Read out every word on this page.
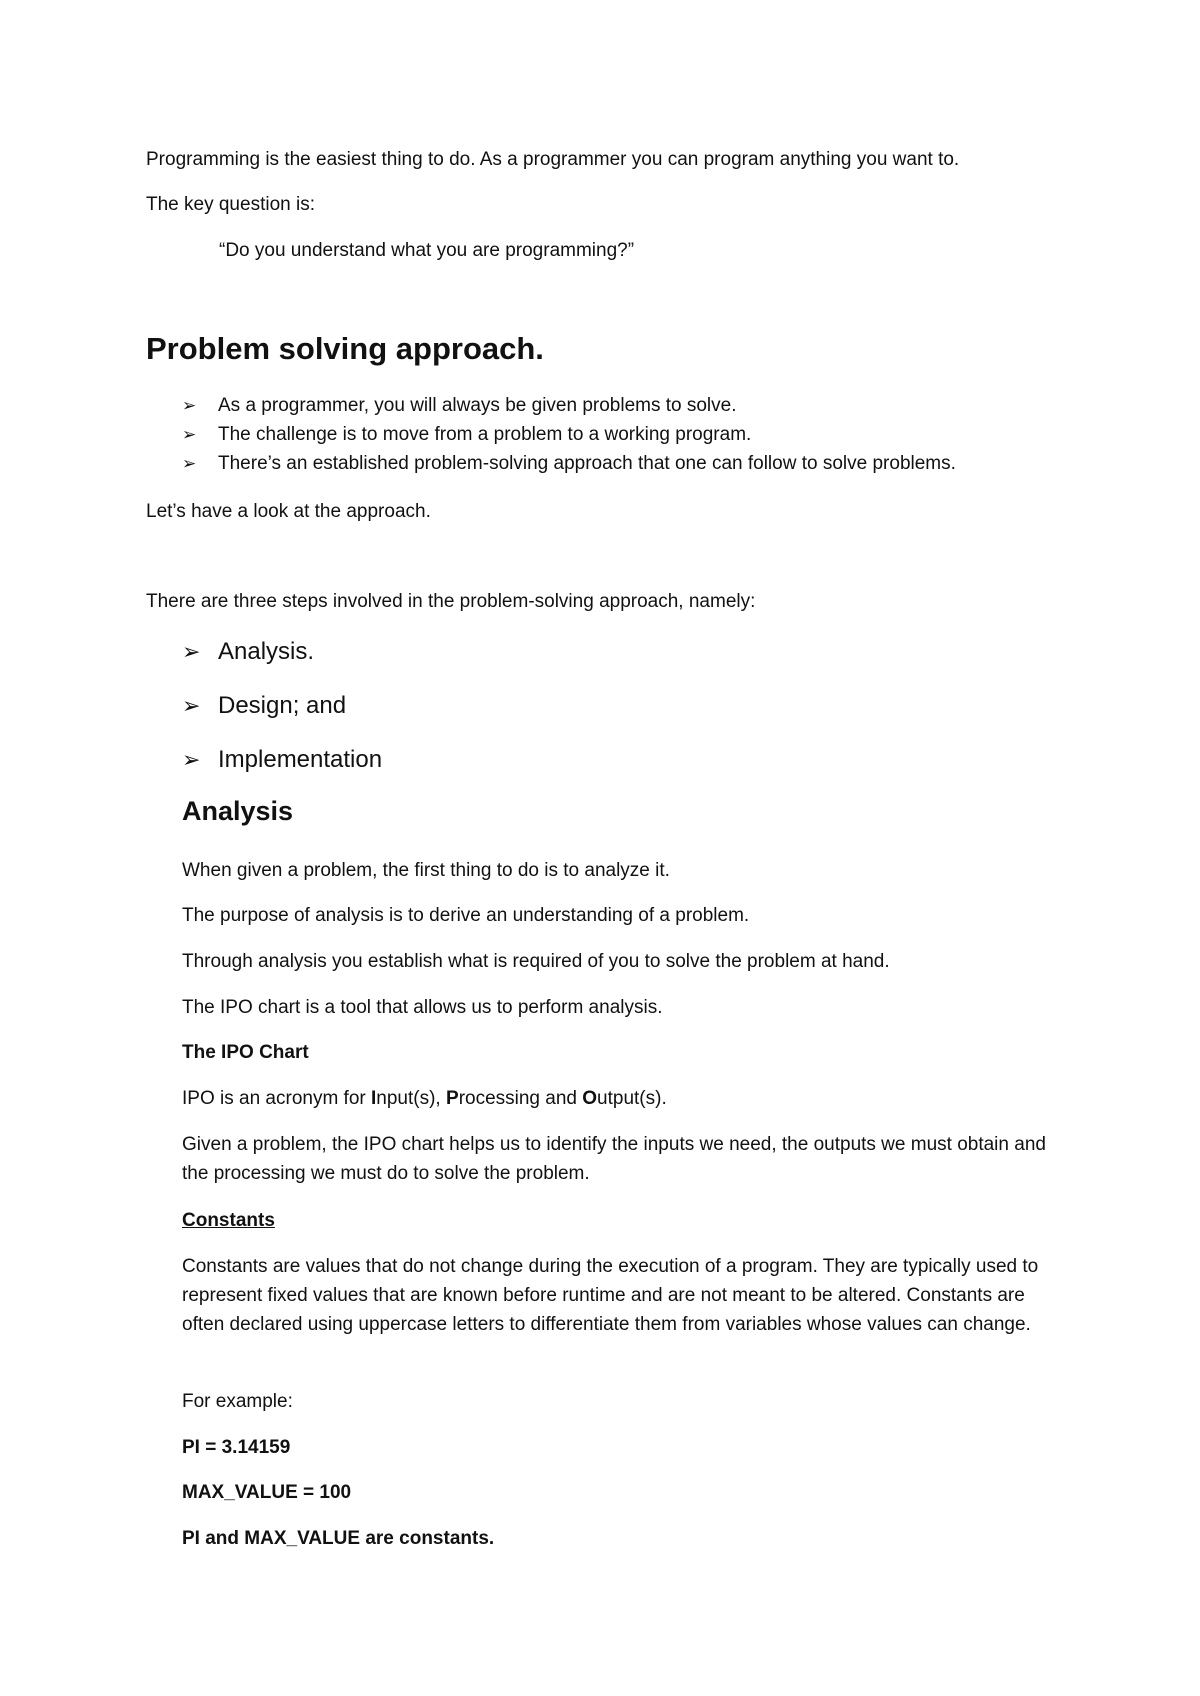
Programming is the easiest thing to do. As a programmer you can program anything you want to.
The key question is:
“Do you understand what you are programming?”
Problem solving approach.
➢ As a programmer, you will always be given problems to solve.
➢ The challenge is to move from a problem to a working program.
➢ There’s an established problem-solving approach that one can follow to solve problems.
Let’s have a look at the approach.
There are three steps involved in the problem-solving approach, namely:
➢ Analysis.
➢ Design; and
➢ Implementation
Analysis
When given a problem, the first thing to do is to analyze it.
The purpose of analysis is to derive an understanding of a problem.
Through analysis you establish what is required of you to solve the problem at hand.
The IPO chart is a tool that allows us to perform analysis.
The IPO Chart
IPO is an acronym for Input(s), Processing and Output(s).
Given a problem, the IPO chart helps us to identify the inputs we need, the outputs we must obtain and the processing we must do to solve the problem.
Constants
Constants are values that do not change during the execution of a program. They are typically used to represent fixed values that are known before runtime and are not meant to be altered. Constants are often declared using uppercase letters to differentiate them from variables whose values can change.
For example:
PI = 3.14159
MAX_VALUE = 100
PI and MAX_VALUE are constants.
